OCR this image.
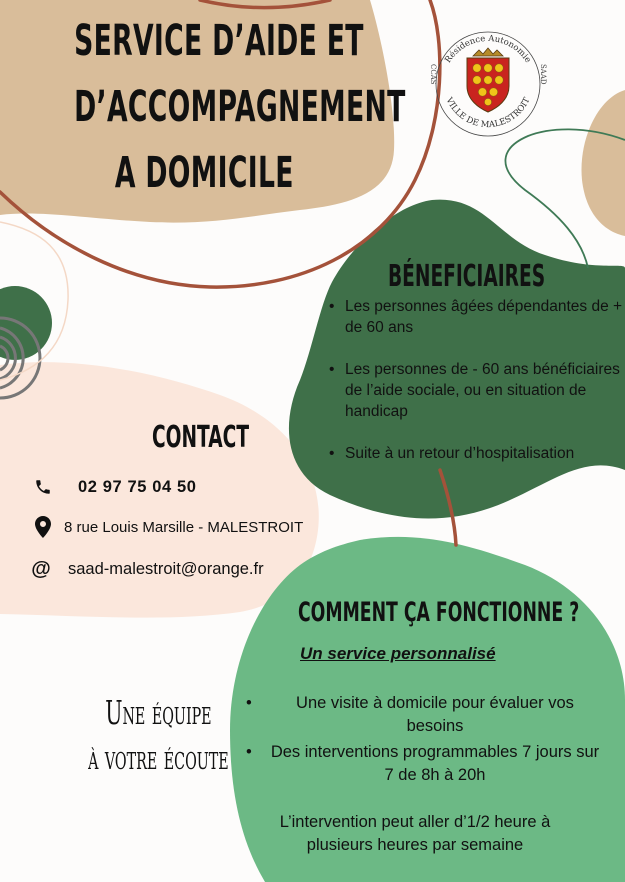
SERVICE D’AIDE ET
D’ACCOMPAGNEMENT
A DOMICILE
Résidence Autonomie
VILLE DE MALESTROIT
CCAS	SAAD
BÉNEFICIAIRES
• Les personnes âgées dépendantes de + de 60 ans
• Les personnes de - 60 ans bénéficiaires de l’aide sociale, ou en situation de handicap
• Suite à un retour d’hospitalisation
CONTACT
02 97 75 04 50
8 rue Louis Marsille - MALESTROIT
@ saad-malestroit@orange.fr
COMMENT ÇA FONCTIONNE ?
Un service personnalisé
• Une visite à domicile pour évaluer vos besoins
• Des interventions programmables 7 jours sur 7 de 8h à 20h
L’intervention peut aller d’1/2 heure à plusieurs heures par semaine
Une équipe
à votre écoute
